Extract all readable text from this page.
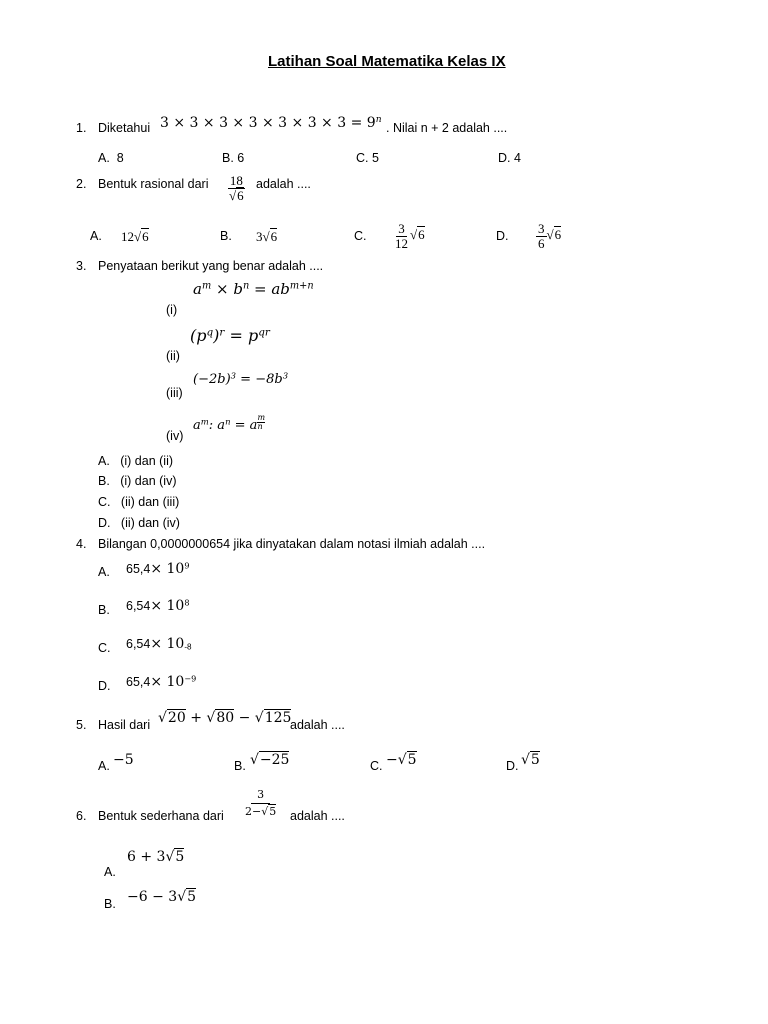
Latihan Soal Matematika Kelas IX
1. Diketahui $3 \times 3 \times 3 \times 3 \times 3 \times 3 \times 3 = 9^n$
. Nilai n + 2 adalah ....
A. 8	B. 6	C. 5	D. 4
2. Bentuk rasional dari $\frac{18}{√6}$ adalah ....
A. 12√6	B. 3√6	C. $\frac{3}{12} √6$	D. $\frac{3}{6} √6$
3. Penyataan berikut yang benar adalah ....
$a^m \times b^n = ab^{m+n}$
(i)
$(p^q)^r = p^{qr}$
(ii)
$(-2b)^3 = -8b^3$
(iii)
$a^m$: $a^n = a \frac{m}{n}$
(iv)
A. (i) dan (ii)
B. (i) dan (iv)
C. (ii) dan (iii)
D. (ii) dan (iv)
4. Bilangan 0,0000000654 jika dinyatakan dalam notasi ilmiah adalah ....
A. $65,4\times 10^9$
B. $6,54\times 10^8$
C. $6,54\times 10_{-8}$
D. $65,4\times 10^{-9}$
5. Hasil dari √20 + √80 − √125
adalah ....
A. −5	B. √−25	C. −√5	D. √5
6. Bentuk sederhana dari $\frac{3}{2-√5}$ adalah ....
A.
6 + 3√5
B. −6 − 3√5
